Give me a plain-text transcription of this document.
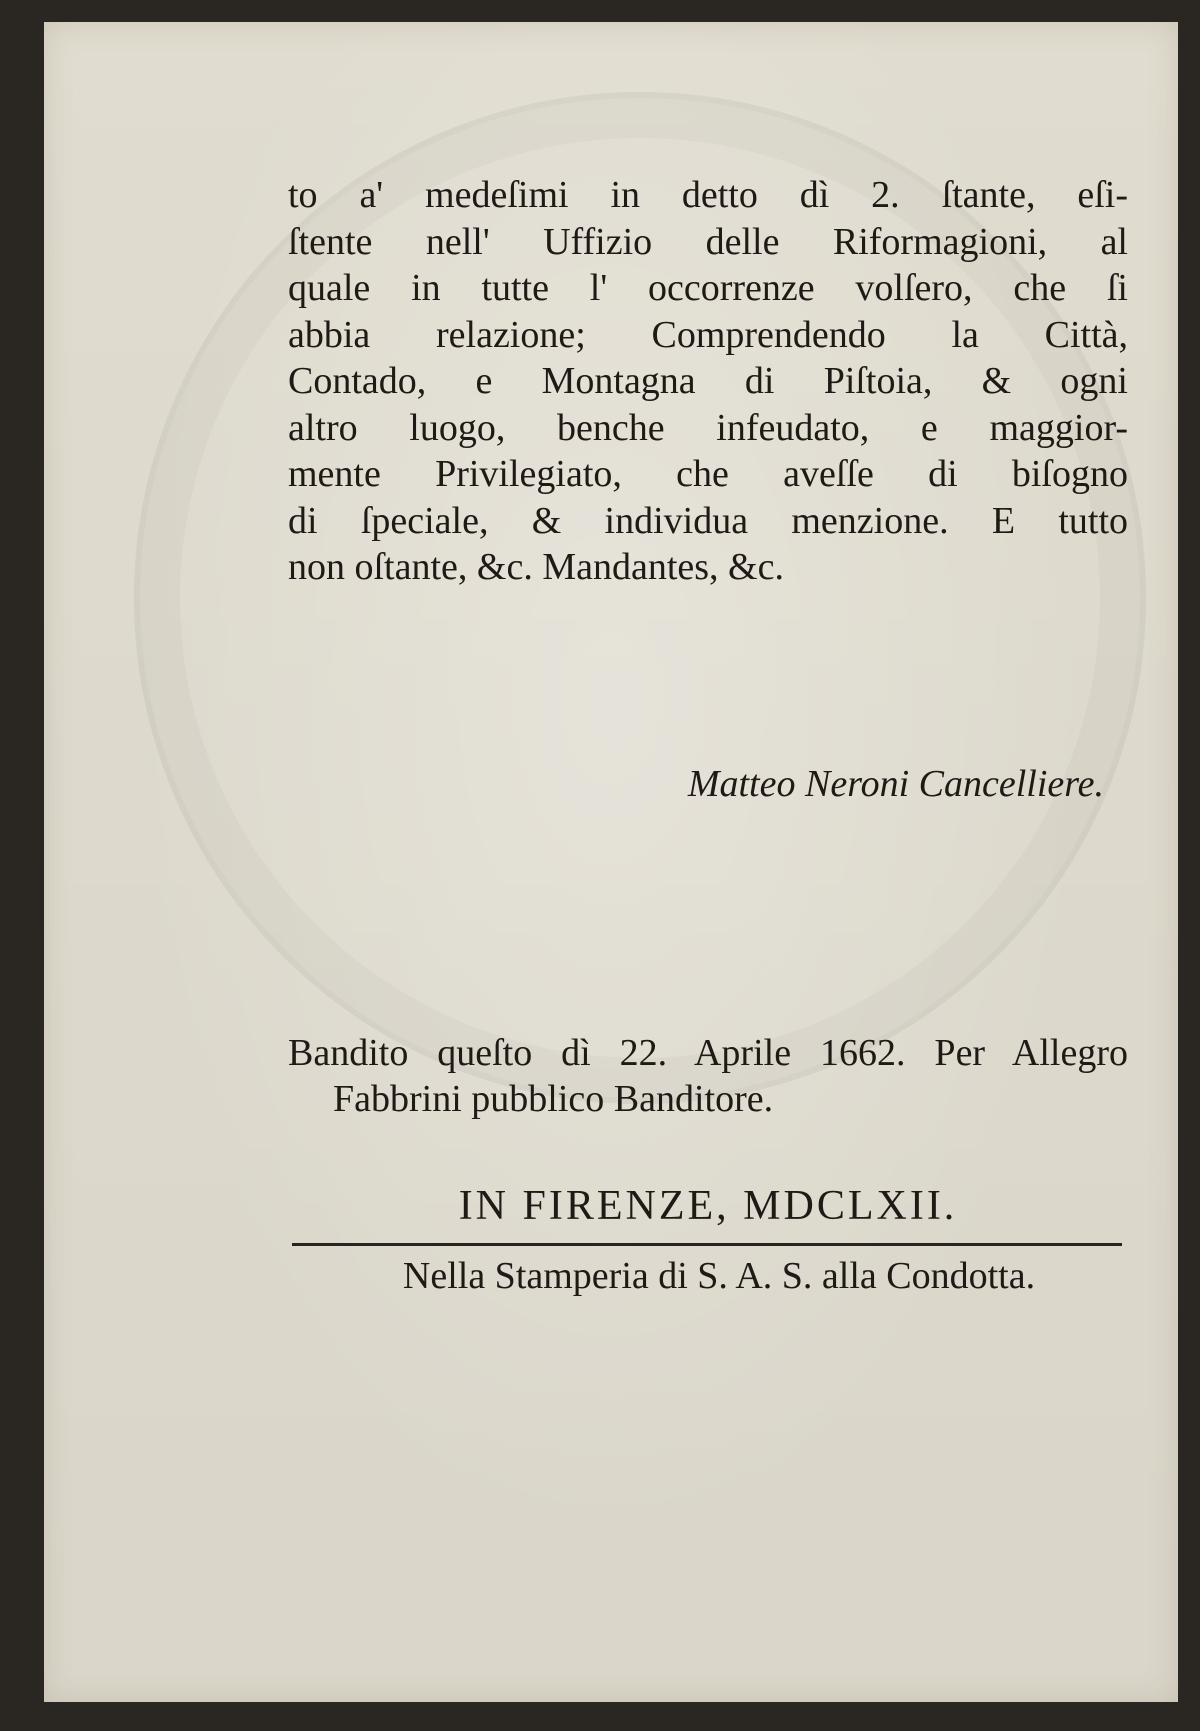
to a' medeſimi in detto dì 2. ſtante, eſi-
ſtente nell' Uffizio delle Riformagioni, al
quale in tutte l' occorrenze volſero, che ſi
abbia relazione; Comprendendo la Città,
Contado, e Montagna di Piſtoia, & ogni
altro luogo, benche infeudato, e maggior-
mente Privilegiato, che aveſſe di biſogno
di ſpeciale, & individua menzione. E tutto
non oſtante, &c. Mandantes, &c.
Matteo Neroni Cancelliere.
Bandito queſto dì 22. Aprile 1662. Per Allegro
Fabbrini pubblico Banditore.
IN FIRENZE, MDCLXII.
Nella Stamperia di S. A. S. alla Condotta.
